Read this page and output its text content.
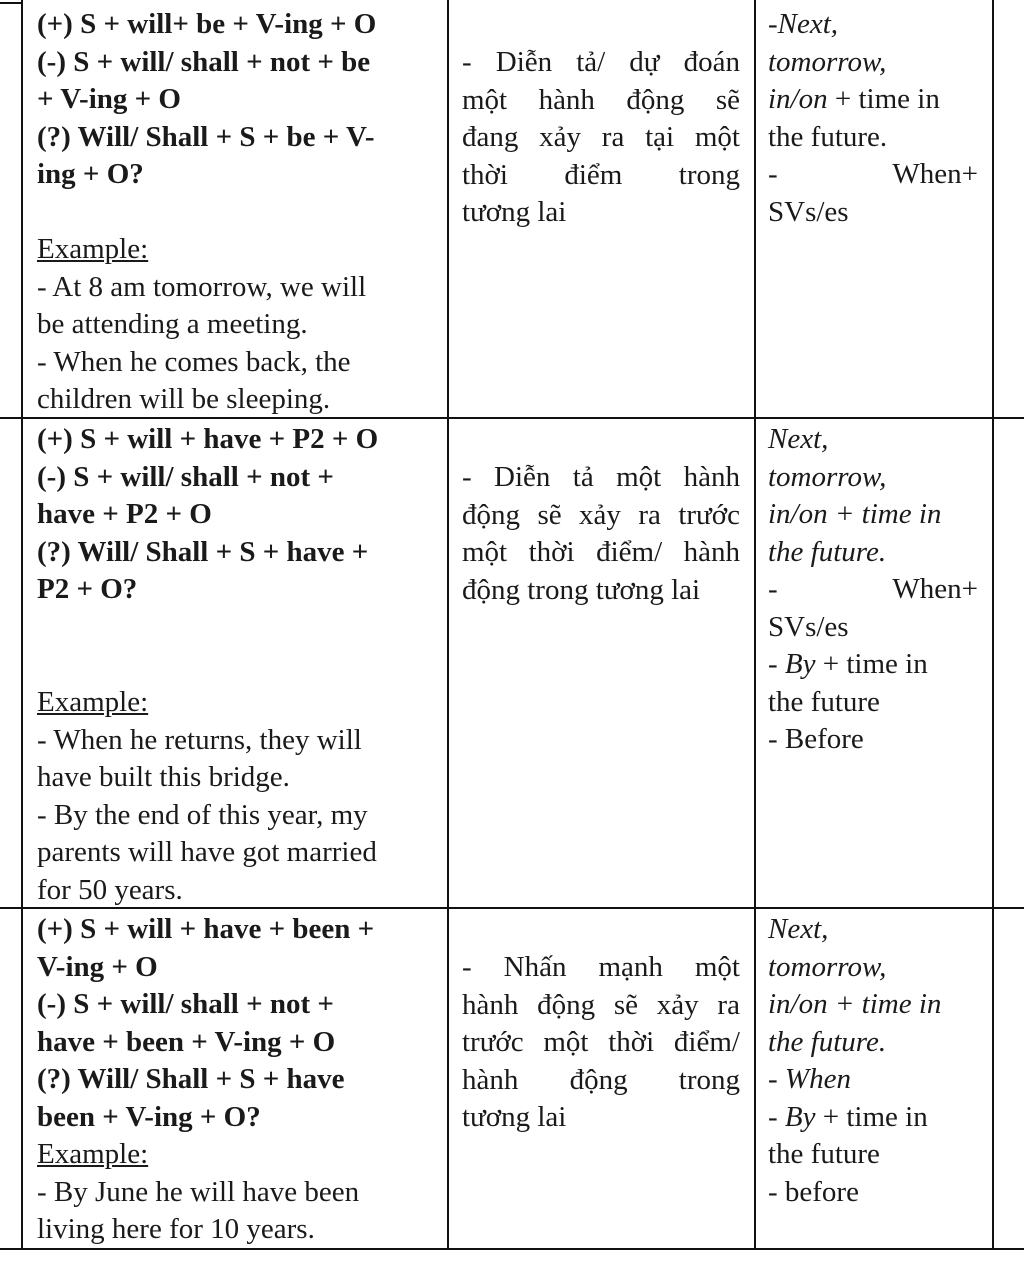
(+) S + will+ be + V-ing + O
(-) S + will/ shall + not + be
+ V-ing + O
(?) Will/ Shall + S + be + V-
ing + O?
Example:
- At 8 am tomorrow, we will
be attending a meeting.
- When he comes back, the
children will be sleeping.
- Diễn tả/ dự đoán
một hành động sẽ
đang xảy ra tại một
thời điểm trong
tương lai
-Next,
tomorrow,
in/on + time in
the future.
-	When+
SVs/es
(+) S + will + have + P2 + O
(-) S + will/ shall + not +
have + P2 + O
(?) Will/ Shall + S + have +
P2 + O?
Example:
- When he returns, they will
have built this bridge.
- By the end of this year, my
parents will have got married
for 50 years.
- Diễn tả một hành
động sẽ xảy ra trước
một thời điểm/ hành
động trong tương lai
Next,
tomorrow,
in/on + time in
the future.
-	When+
SVs/es
- By + time in
the future
- Before
(+) S + will + have + been +
V-ing + O
(-) S + will/ shall + not +
have + been + V-ing + O
(?) Will/ Shall + S + have
been + V-ing + O?
Example:
- By June he will have been
living here for 10 years.
- Nhấn mạnh một
hành động sẽ xảy ra
trước một thời điểm/
hành động trong
tương lai
Next,
tomorrow,
in/on + time in
the future.
- When
- By + time in
the future
- before
